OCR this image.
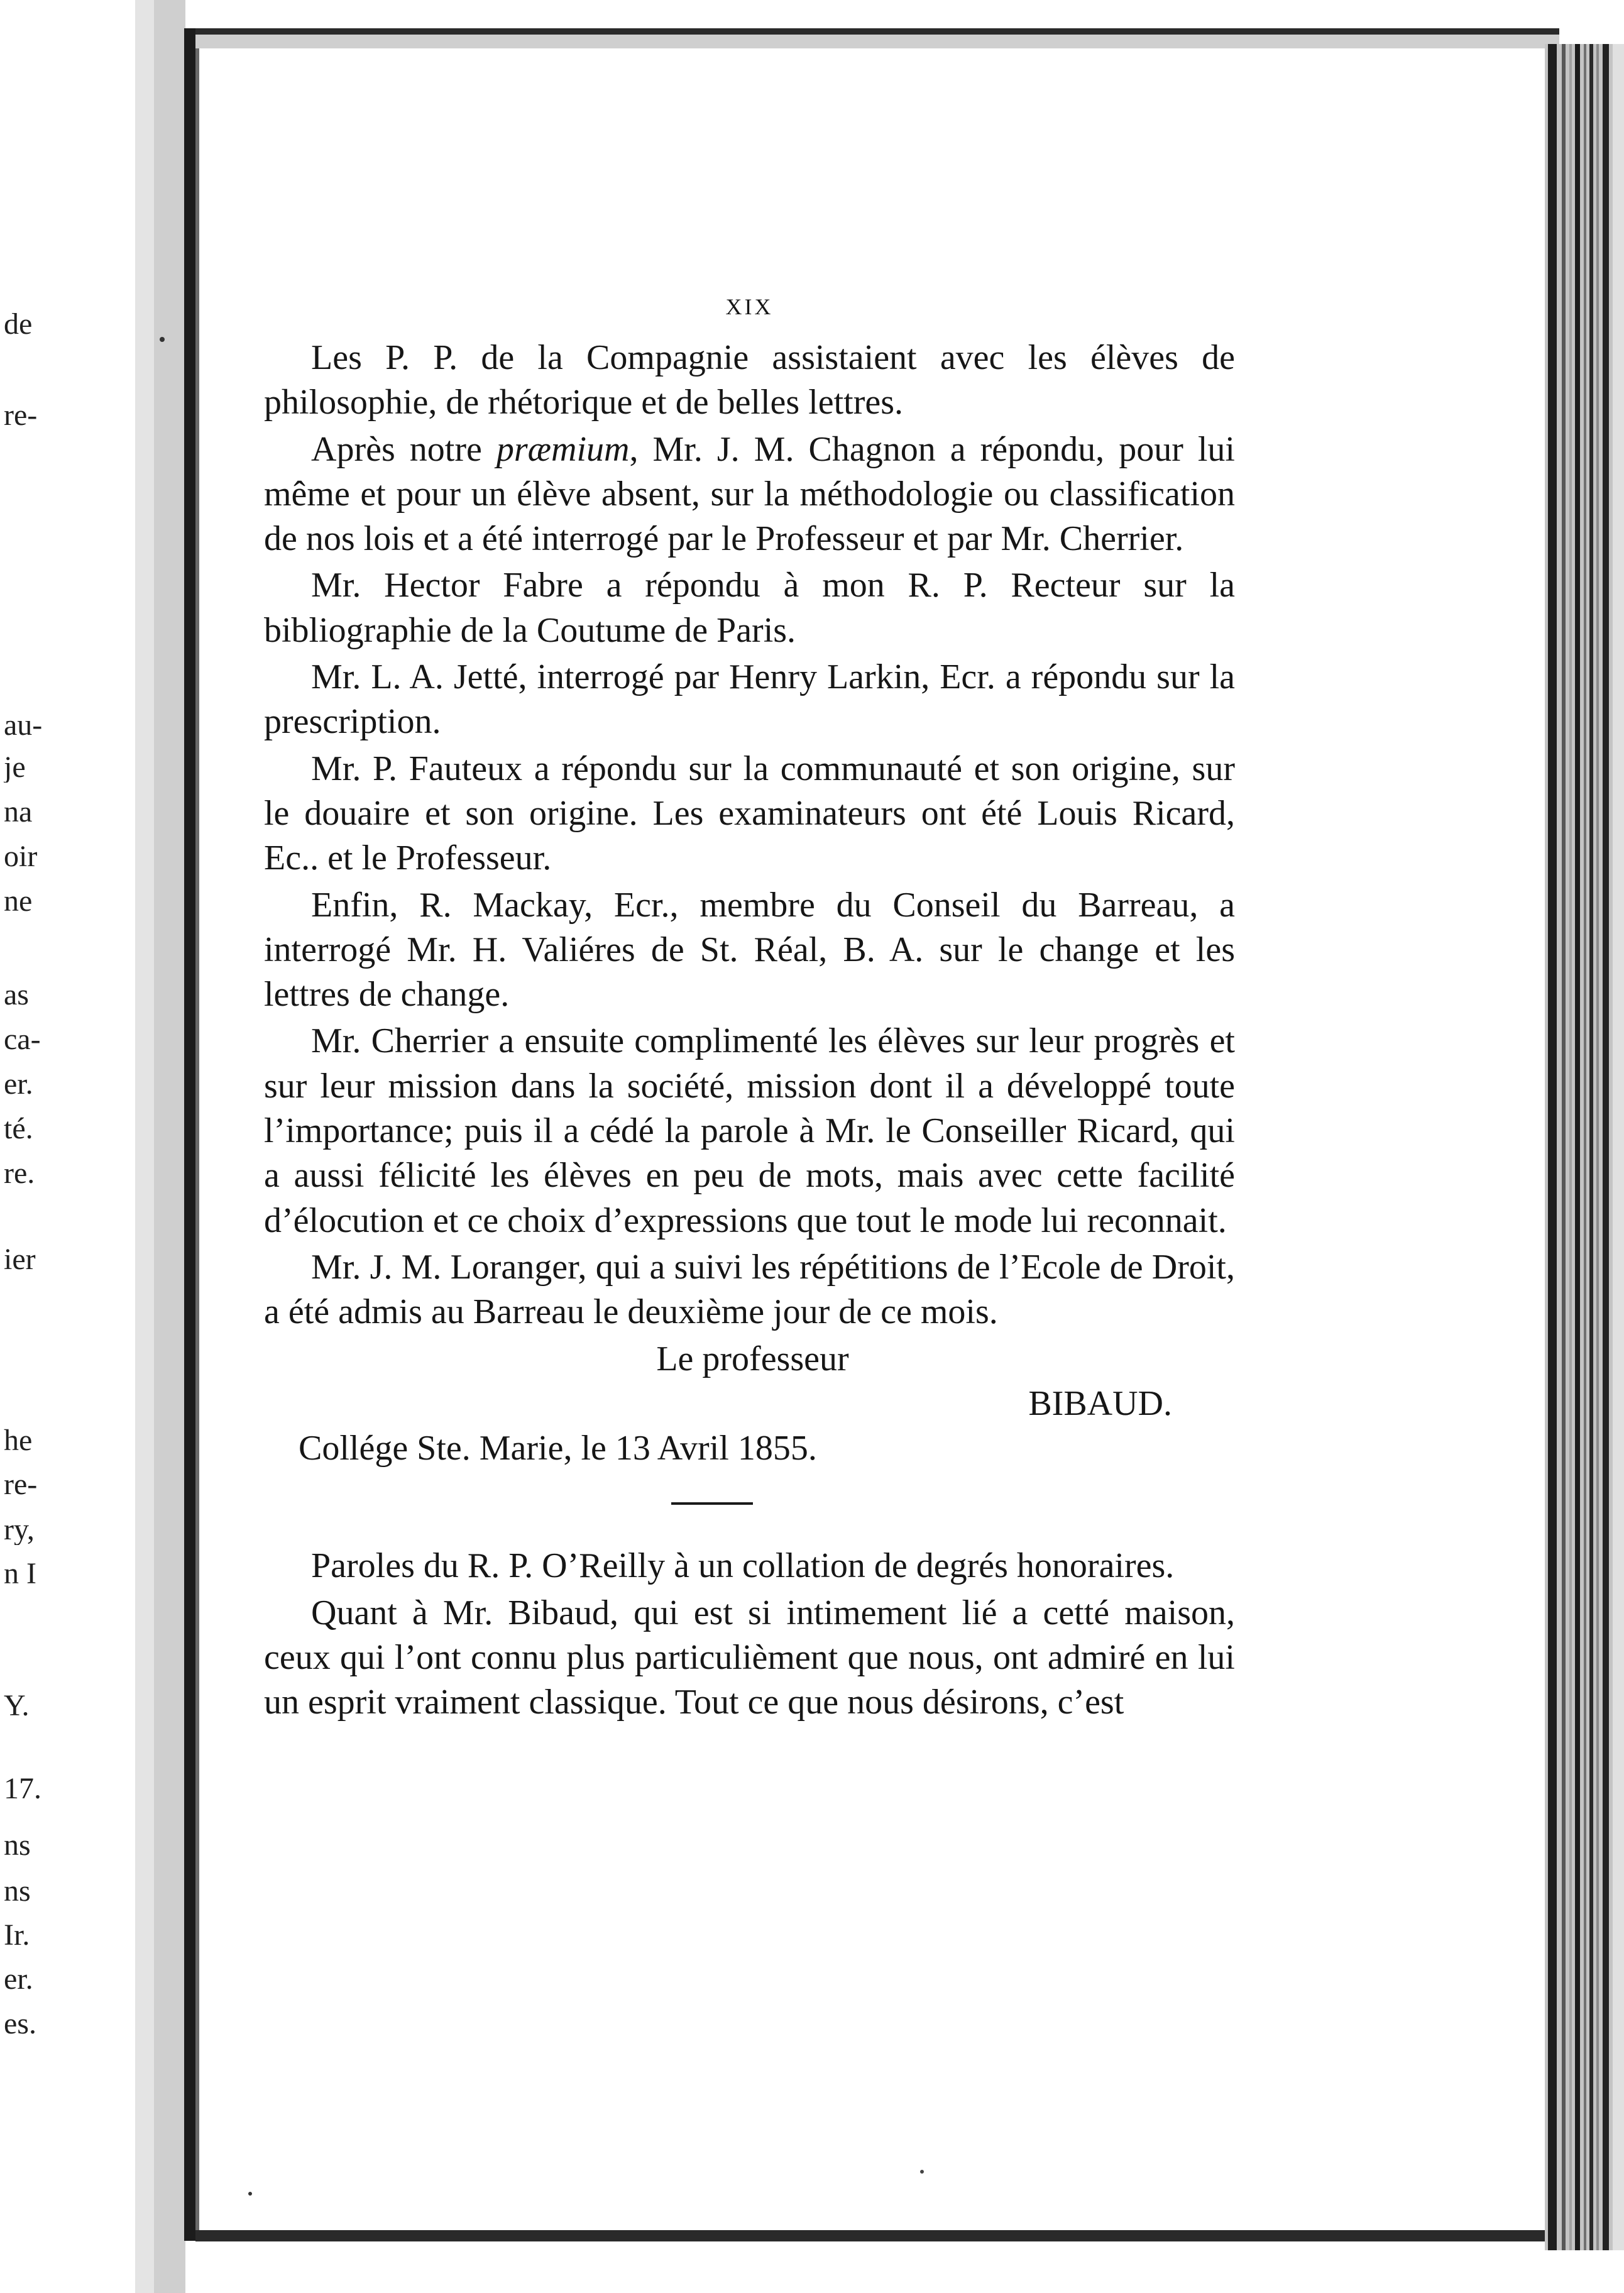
de
re-
au-
je
na
oir
ne
as
ca-
er.
té.
re.
ier
he
re-
ry,
n I
Y.
17.
ns
ns
Ir.
er.
es.
XIX

Les P. P. de la Compagnie assistaient avec les élèves de philosophie, de rhétorique et de belles lettres.

Après notre præmium, Mr. J. M. Chagnon a répondu, pour lui même et pour un élève absent, sur la méthodologie ou classification de nos lois et a été interrogé par le Professeur et par Mr. Cherrier.

Mr. Hector Fabre a répondu à mon R. P. Recteur sur la bibliographie de la Coutume de Paris.

Mr. L. A. Jetté, interrogé par Henry Larkin, Ecr. a répondu sur la prescription.

Mr. P. Fauteux a répondu sur la communauté et son origine, sur le douaire et son origine. Les examinateurs ont été Louis Ricard, Ec.. et le Professeur.

Enfin, R. Mackay, Ecr., membre du Conseil du Barreau, a interrogé Mr. H. Valiéres de St. Réal, B. A. sur le change et les lettres de change.

Mr. Cherrier a ensuite complimenté les élèves sur leur progrès et sur leur mission dans la société, mission dont il a développé toute l’importance; puis il a cédé la parole à Mr. le Conseiller Ricard, qui a aussi félicité les élèves en peu de mots, mais avec cette facilité d’élocution et ce choix d’expressions que tout le mode lui reconnait.

Mr. J. M. Loranger, qui a suivi les répétitions de l’Ecole de Droit, a été admis au Barreau le deuxième jour de ce mois.

Le professeur

BIBAUD.

Collége Ste. Marie, le 13 Avril 1855.

Paroles du R. P. O’Reilly à un collation de degrés honoraires.

Quant à Mr. Bibaud, qui est si intimement lié a cetté maison, ceux qui l’ont connu plus particulièment que nous, ont admiré en lui un esprit vraiment classique. Tout ce que nous désirons, c’est
